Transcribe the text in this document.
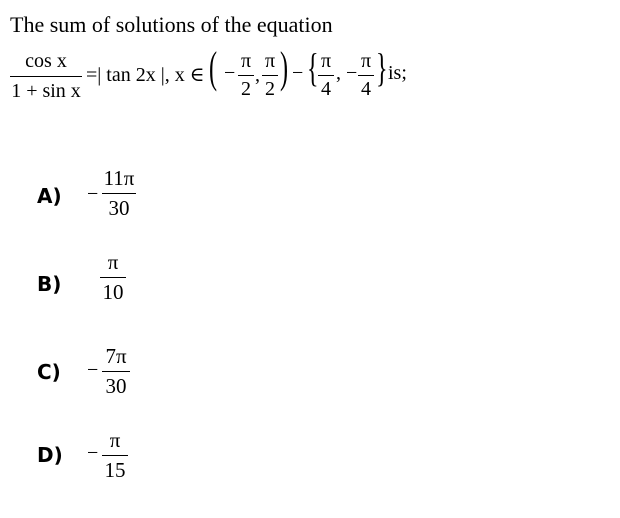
The sum of solutions of the equation
cos x
1 + sin x
=| tan 2x |, x ∈ ( −
π
2
,
π
2 ) − { π
4
, −
π
4 } is;
A) −
11π
30
B)
π
10
C) −
7π
30
D) −
π
15
